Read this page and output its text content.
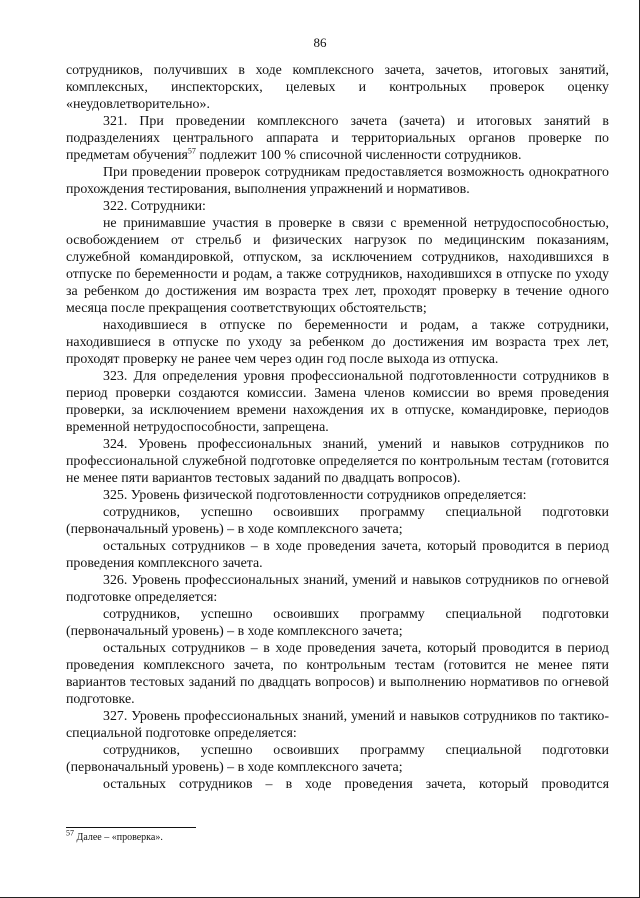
86

сотрудников, получивших в ходе комплексного зачета, зачетов, итоговых занятий, комплексных, инспекторских, целевых и контрольных проверок оценку «неудовлетворительно».

321. При проведении комплексного зачета (зачета) и итоговых занятий в подразделениях центрального аппарата и территориальных органов проверке по предметам обучения$^{57}$ подлежит 100 % списочной численности сотрудников.

При проведении проверок сотрудникам предоставляется возможность однократного прохождения тестирования, выполнения упражнений и нормативов.

322. Сотрудники:

не принимавшие участия в проверке в связи с временной нетрудоспособностью, освобождением от стрельб и физических нагрузок по медицинским показаниям, служебной командировкой, отпуском, за исключением сотрудников, находившихся в отпуске по беременности и родам, а также сотрудников, находившихся в отпуске по уходу за ребенком до достижения им возраста трех лет, проходят проверку в течение одного месяца после прекращения соответствующих обстоятельств;

находившиеся в отпуске по беременности и родам, а также сотрудники, находившиеся в отпуске по уходу за ребенком до достижения им возраста трех лет, проходят проверку не ранее чем через один год после выхода из отпуска.

323. Для определения уровня профессиональной подготовленности сотрудников в период проверки создаются комиссии. Замена членов комиссии во время проведения проверки, за исключением времени нахождения их в отпуске, командировке, периодов временной нетрудоспособности, запрещена.

324. Уровень профессиональных знаний, умений и навыков сотрудников по профессиональной служебной подготовке определяется по контрольным тестам (готовится не менее пяти вариантов тестовых заданий по двадцать вопросов).

325. Уровень физической подготовленности сотрудников определяется:

сотрудников, успешно освоивших программу специальной подготовки (первоначальный уровень) – в ходе комплексного зачета;

остальных сотрудников – в ходе проведения зачета, который проводится в период проведения комплексного зачета.

326. Уровень профессиональных знаний, умений и навыков сотрудников по огневой подготовке определяется:

сотрудников, успешно освоивших программу специальной подготовки (первоначальный уровень) – в ходе комплексного зачета;

остальных сотрудников – в ходе проведения зачета, который проводится в период проведения комплексного зачета, по контрольным тестам (готовится не менее пяти вариантов тестовых заданий по двадцать вопросов) и выполнению нормативов по огневой подготовке.

327. Уровень профессиональных знаний, умений и навыков сотрудников по тактико-специальной подготовке определяется:

сотрудников, успешно освоивших программу специальной подготовки (первоначальный уровень) – в ходе комплексного зачета;

остальных сотрудников – в ходе проведения зачета, который проводится

$^{57}$ Далее – «проверка».
